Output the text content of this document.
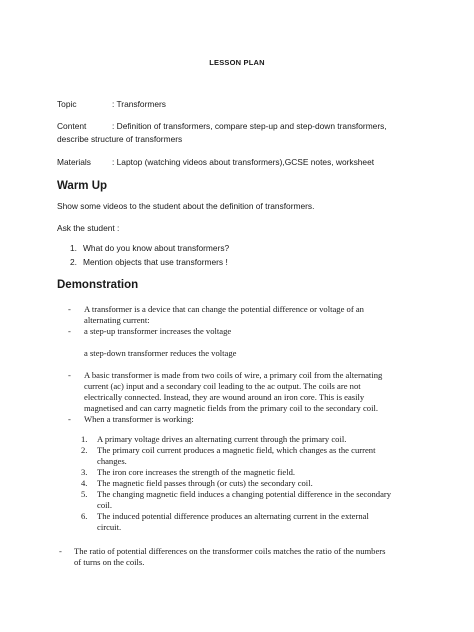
LESSON PLAN
Topic	: Transformers
Content	: Definition of transformers, compare step-up and step-down transformers,
describe structure of transformers
Materials	: Laptop (watching videos about transformers),GCSE notes, worksheet
Warm Up
Show some videos to the student about the definition of transformers.
Ask the student :
1. What do you know about transformers?
2. Mention objects that use transformers !
Demonstration
- A transformer is a device that can change the potential difference or voltage of an
alternating current:
- a step-up transformer increases the voltage
a step-down transformer reduces the voltage
- A basic transformer is made from two coils of wire, a primary coil from the alternating
current (ac) input and a secondary coil leading to the ac output. The coils are not
electrically connected. Instead, they are wound around an iron core. This is easily
magnetised and can carry magnetic fields from the primary coil to the secondary coil.
- When a transformer is working:
1. A primary voltage drives an alternating current through the primary coil.
2. The primary coil current produces a magnetic field, which changes as the current
changes.
3. The iron core increases the strength of the magnetic field.
4. The magnetic field passes through (or cuts) the secondary coil.
5. The changing magnetic field induces a changing potential difference in the secondary
coil.
6. The induced potential difference produces an alternating current in the external
circuit.
- The ratio of potential differences on the transformer coils matches the ratio of the numbers
of turns on the coils.
